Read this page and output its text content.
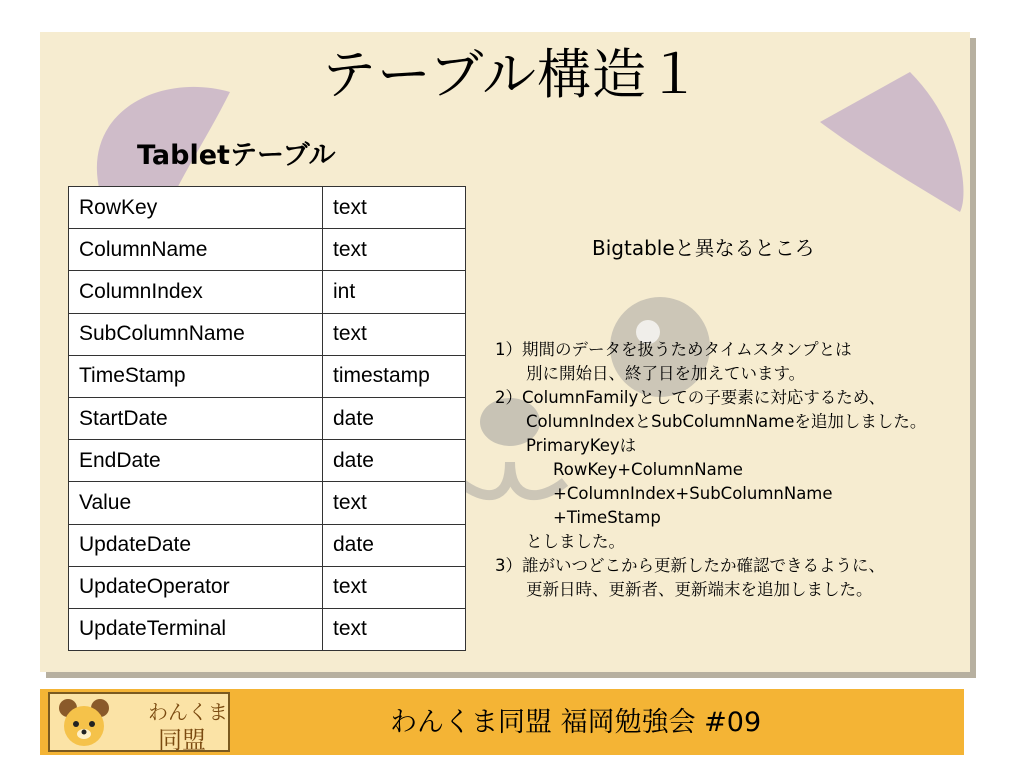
テーブル構造１
Tabletテーブル
RowKey	text
ColumnName	text
ColumnIndex	int
SubColumnName	text
TimeStamp	timestamp
StartDate	date
EndDate	date
Value	text
UpdateDate	date
UpdateOperator	text
UpdateTerminal	text
Bigtableと異なるところ
1）期間のデータを扱うためタイムスタンプとは
別に開始日、終了日を加えています。
2）ColumnFamilyとしての子要素に対応するため、
ColumnIndexとSubColumnNameを追加しました。
PrimaryKeyは
RowKey+ColumnName
+ColumnIndex+SubColumnName
+TimeStamp
としました。
3）誰がいつどこから更新したか確認できるように、
更新日時、更新者、更新端末を追加しました。
わんくま
同盟
わんくま同盟 福岡勉強会 #09
